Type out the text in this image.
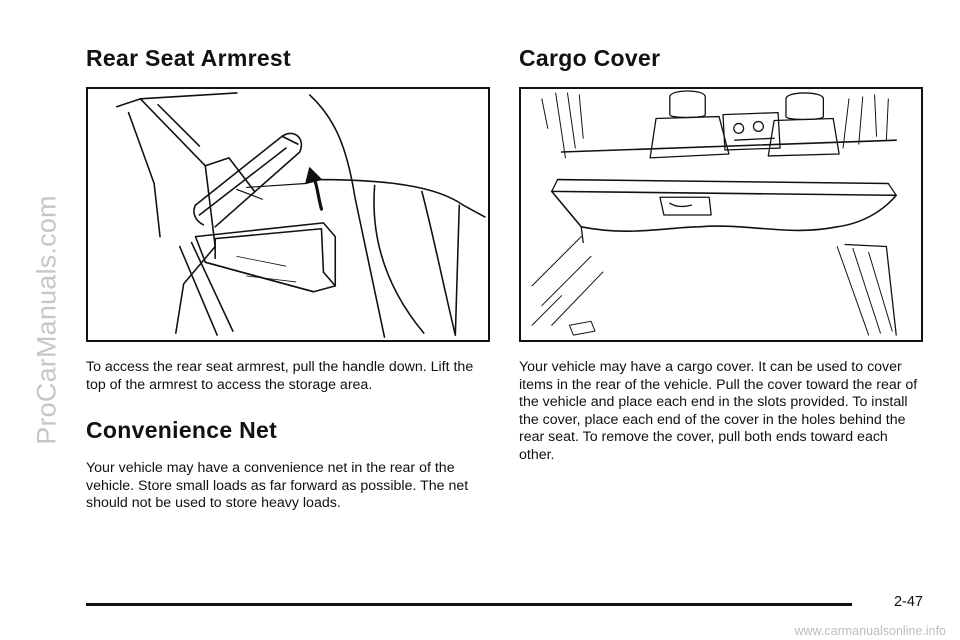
ProCarManuals.com
Rear Seat Armrest

To access the rear seat armrest, pull the handle down. Lift the top of the armrest to access the storage area.

Convenience Net

Your vehicle may have a convenience net in the rear of the vehicle. Store small loads as far forward as possible. The net should not be used to store heavy loads.

Cargo Cover

Your vehicle may have a cargo cover. It can be used to cover items in the rear of the vehicle. Pull the cover toward the rear of the vehicle and place each end in the slots provided. To install the cover, place each end of the cover in the holes behind the rear seat. To remove the cover, pull both ends toward each other.

2-47
www.carmanualsonline.info
